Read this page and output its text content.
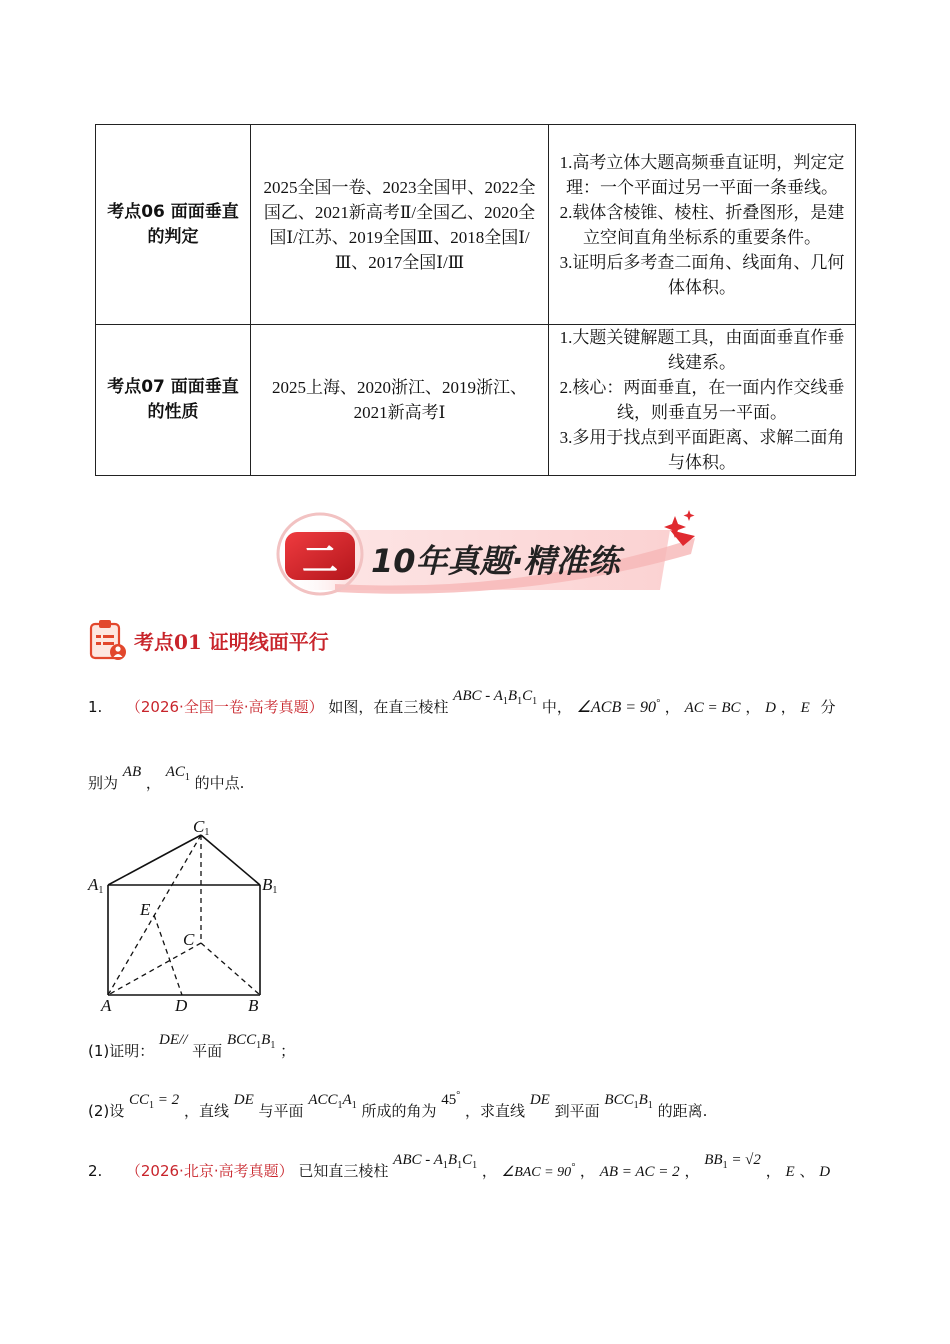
考点06 面面垂直的判定	2025全国一卷、2023全国甲、2022全国乙、2021新高考Ⅱ/全国乙、2020全国Ⅰ/江苏、2019全国Ⅲ、2018全国Ⅰ/Ⅲ、2017全国Ⅰ/Ⅲ	1.高考立体大题高频垂直证明，判定定理：一个平面过另一平面一条垂线。

2.载体含棱锥、棱柱、折叠图形，是建立空间直角坐标系的重要条件。

3.证明后多考查二面角、线面角、几何体体积。

考点07 面面垂直的性质	2025上海、2020浙江、2019浙江、2021新高考Ⅰ	1.大题关键解题工具，由面面垂直作垂线建系。

2.核心：两面垂直，在一面内作交线垂线，则垂直另一平面。

3.多用于找点到平面距离、求解二面角与体积。

二 10年真题·精准练
考点01 证明线面平行
1. （2026·全国一卷·高考真题） 如图，在直三棱柱 ABC - $A_1B_1C_1$ 中， ∠ACB = 90° ， AC = BC ， D ， E 分
别为 AB ， $AC_1$ 的中点.
C1
A1	B1
E
C
A	D	B
(1)证明： DE// 平面 $BCC_1B_1$ ；
(2)设 $CC_1 = 2$ ，直线 DE 与平面 $ACC_1A_1$ 所成的角为 45° ，求直线 DE 到平面 $BCC_1B_1$ 的距离.
2. （2026·北京·高考真题） 已知直三棱柱 ABC - $A_1B_1C_1$ ， ∠BAC = 90° ， AB = AC = 2 ， $BB_1 = √2$ ， E 、 D
